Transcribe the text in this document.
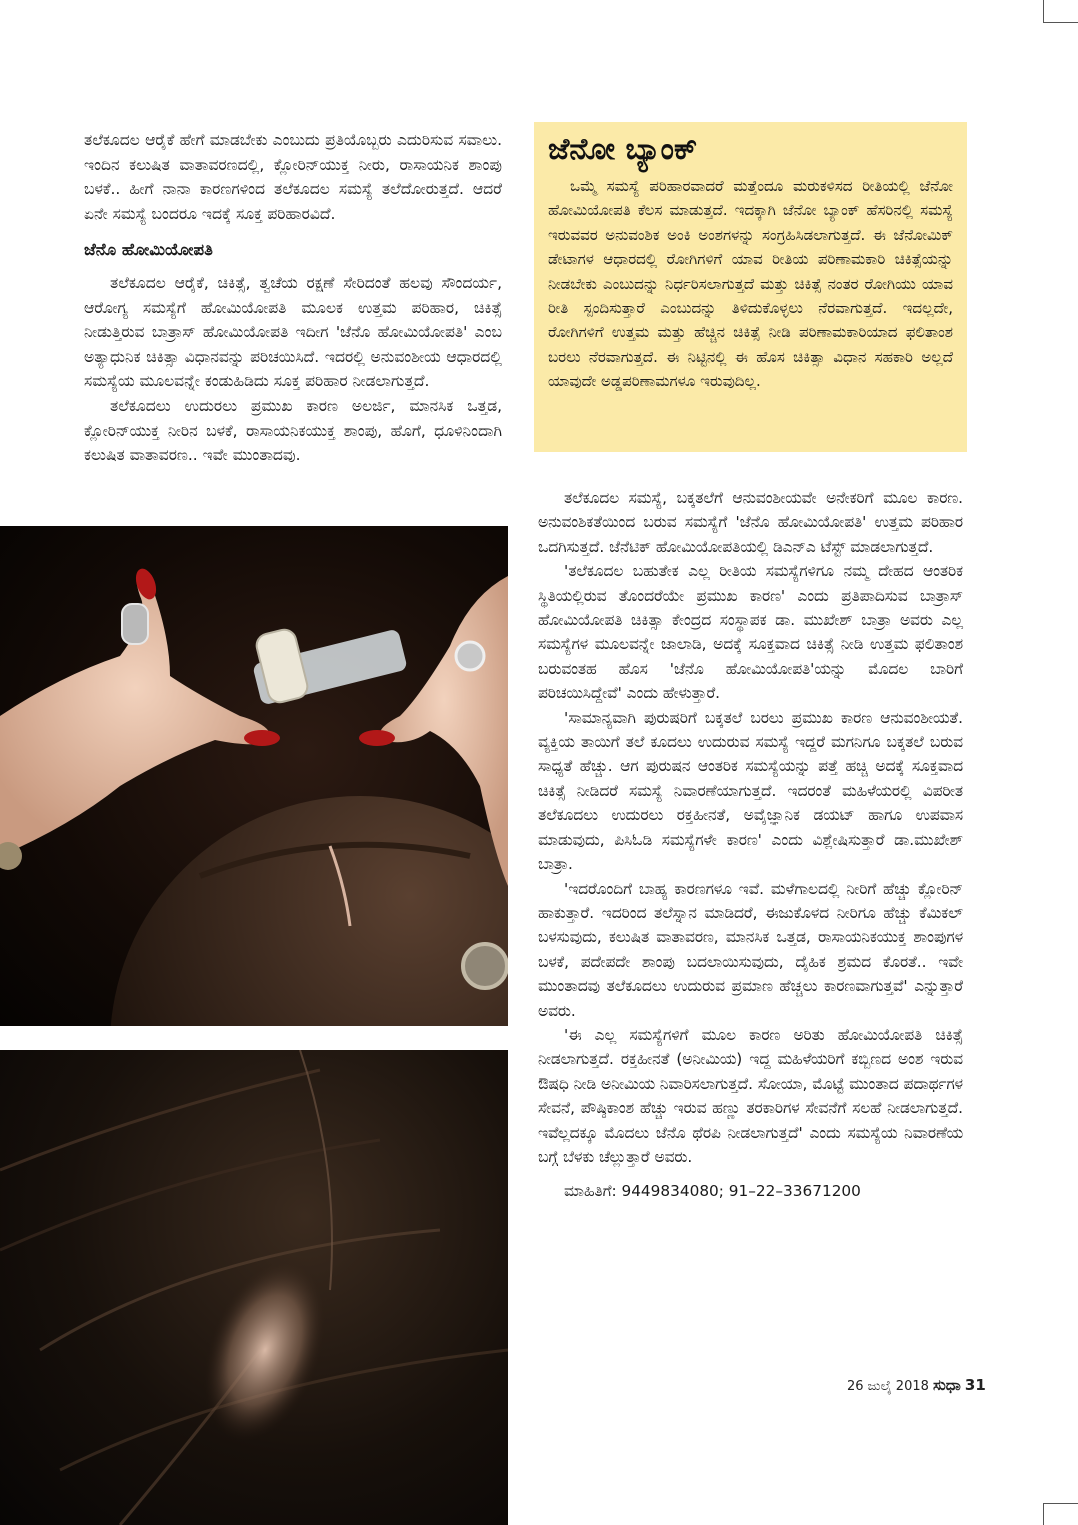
ತಲೆಕೂದಲ ಆರೈಕೆ ಹೇಗೆ ಮಾಡಬೇಕು ಎಂಬುದು ಪ್ರತಿಯೊಬ್ಬರು ಎದುರಿಸುವ ಸವಾಲು. ಇಂದಿನ ಕಲುಷಿತ ವಾತಾವರಣದಲ್ಲಿ, ಕ್ಲೋರಿನ್‌ಯುಕ್ತ ನೀರು, ರಾಸಾಯನಿಕ ಶಾಂಪು ಬಳಕೆ.. ಹೀಗೆ ನಾನಾ ಕಾರಣಗಳಿಂದ ತಲೆಕೂದಲ ಸಮಸ್ಯೆ ತಲೆದೋರುತ್ತದೆ. ಆದರೆ ಏನೇ ಸಮಸ್ಯೆ ಬಂದರೂ ಇದಕ್ಕೆ ಸೂಕ್ತ ಪರಿಹಾರವಿದೆ.

ಜೆನೊ ಹೋಮಿಯೋಪತಿ

ತಲೆಕೂದಲ ಆರೈಕೆ, ಚಿಕಿತ್ಸೆ, ತ್ವಚೆಯ ರಕ್ಷಣೆ ಸೇರಿದಂತೆ ಹಲವು ಸೌಂದರ್ಯ, ಆರೋಗ್ಯ ಸಮಸ್ಯೆಗೆ ಹೋಮಿಯೋಪತಿ ಮೂಲಕ ಉತ್ತಮ ಪರಿಹಾರ, ಚಿಕಿತ್ಸೆ ನೀಡುತ್ತಿರುವ ಬಾತ್ರಾಸ್ ಹೋಮಿಯೋಪತಿ ಇದೀಗ 'ಜೆನೊ ಹೋಮಿಯೋಪತಿ' ಎಂಬ ಅತ್ಯಾಧುನಿಕ ಚಿಕಿತ್ಸಾ ವಿಧಾನವನ್ನು ಪರಿಚಯಿಸಿದೆ. ಇದರಲ್ಲಿ ಅನುವಂಶೀಯ ಆಧಾರದಲ್ಲಿ ಸಮಸ್ಯೆಯ ಮೂಲವನ್ನೇ ಕಂಡುಹಿಡಿದು ಸೂಕ್ತ ಪರಿಹಾರ ನೀಡಲಾಗುತ್ತದೆ.

ತಲೆಕೂದಲು ಉದುರಲು ಪ್ರಮುಖ ಕಾರಣ ಅಲರ್ಜಿ, ಮಾನಸಿಕ ಒತ್ತಡ, ಕ್ಲೋರಿನ್‌ಯುಕ್ತ ನೀರಿನ ಬಳಕೆ, ರಾಸಾಯನಿಕಯುಕ್ತ ಶಾಂಪು, ಹೊಗೆ, ಧೂಳಿನಿಂದಾಗಿ ಕಲುಷಿತ ವಾತಾವರಣ.. ಇವೇ ಮುಂತಾದವು.

ಜೆನೋ ಬ್ಯಾಂಕ್

ಒಮ್ಮೆ ಸಮಸ್ಯೆ ಪರಿಹಾರವಾದರೆ ಮತ್ತೆಂದೂ ಮರುಕಳಿಸದ ರೀತಿಯಲ್ಲಿ ಜೆನೋ ಹೋಮಿಯೋಪತಿ ಕೆಲಸ ಮಾಡುತ್ತದೆ. ಇದಕ್ಕಾಗಿ ಜೆನೋ ಬ್ಯಾಂಕ್ ಹೆಸರಿನಲ್ಲಿ ಸಮಸ್ಯೆ ಇರುವವರ ಅನುವಂಶಿಕ ಅಂಕಿ ಅಂಶಗಳನ್ನು ಸಂಗ್ರಹಿಸಿಡಲಾಗುತ್ತದೆ. ಈ ಜೆನೋಮಿಕ್ ಡೇಟಾಗಳ ಆಧಾರದಲ್ಲಿ ರೋಗಿಗಳಿಗೆ ಯಾವ ರೀತಿಯ ಪರಿಣಾಮಕಾರಿ ಚಿಕಿತ್ಸೆಯನ್ನು ನೀಡಬೇಕು ಎಂಬುದನ್ನು ನಿರ್ಧರಿಸಲಾಗುತ್ತದೆ ಮತ್ತು ಚಿಕಿತ್ಸೆ ನಂತರ ರೋಗಿಯು ಯಾವ ರೀತಿ ಸ್ಪಂದಿಸುತ್ತಾರೆ ಎಂಬುದನ್ನು ತಿಳಿದುಕೊಳ್ಳಲು ನೆರವಾಗುತ್ತದೆ. ಇದಲ್ಲದೇ, ರೋಗಿಗಳಿಗೆ ಉತ್ತಮ ಮತ್ತು ಹೆಚ್ಚಿನ ಚಿಕಿತ್ಸೆ ನೀಡಿ ಪರಿಣಾಮಕಾರಿಯಾದ ಫಲಿತಾಂಶ ಬರಲು ನೆರವಾಗುತ್ತದೆ. ಈ ನಿಟ್ಟಿನಲ್ಲಿ ಈ ಹೊಸ ಚಿಕಿತ್ಸಾ ವಿಧಾನ ಸಹಕಾರಿ ಅಲ್ಲದೆ ಯಾವುದೇ ಅಡ್ಡಪರಿಣಾಮಗಳೂ ಇರುವುದಿಲ್ಲ.

ತಲೆಕೂದಲ ಸಮಸ್ಯೆ, ಬಕ್ಕತಲೆಗೆ ಆನುವಂಶೀಯವೇ ಅನೇಕರಿಗೆ ಮೂಲ ಕಾರಣ. ಅನುವಂಶಿಕತೆಯಿಂದ ಬರುವ ಸಮಸ್ಯೆಗೆ 'ಜೆನೊ ಹೋಮಿಯೋಪತಿ' ಉತ್ತಮ ಪರಿಹಾರ ಒದಗಿಸುತ್ತದೆ. ಜೆನೆಟಿಕ್ ಹೋಮಿಯೋಪತಿಯಲ್ಲಿ ಡಿಎನ್‌ಎ ಟೆಸ್ಟ್ ಮಾಡಲಾಗುತ್ತದೆ.

'ತಲೆಕೂದಲ ಬಹುತೇಕ ಎಲ್ಲ ರೀತಿಯ ಸಮಸ್ಯೆಗಳಿಗೂ ನಮ್ಮ ದೇಹದ ಆಂತರಿಕ ಸ್ಥಿತಿಯಲ್ಲಿರುವ ತೊಂದರೆಯೇ ಪ್ರಮುಖ ಕಾರಣ' ಎಂದು ಪ್ರತಿಪಾದಿಸುವ ಬಾತ್ರಾಸ್ ಹೋಮಿಯೋಪತಿ ಚಿಕಿತ್ಸಾ ಕೇಂದ್ರದ ಸಂಸ್ಥಾಪಕ ಡಾ. ಮುಖೇಶ್ ಬಾತ್ರಾ ಅವರು ಎಲ್ಲ ಸಮಸ್ಯೆಗಳ ಮೂಲವನ್ನೇ ಜಾಲಾಡಿ, ಅದಕ್ಕೆ ಸೂಕ್ತವಾದ ಚಿಕಿತ್ಸೆ ನೀಡಿ ಉತ್ತಮ ಫಲಿತಾಂಶ ಬರುವಂತಹ ಹೊಸ 'ಜೆನೊ ಹೋಮಿಯೋಪತಿ'ಯನ್ನು ಮೊದಲ ಬಾರಿಗೆ ಪರಿಚಯಿಸಿದ್ದೇವೆ' ಎಂದು ಹೇಳುತ್ತಾರೆ.

'ಸಾಮಾನ್ಯವಾಗಿ ಪುರುಷರಿಗೆ ಬಕ್ಕತಲೆ ಬರಲು ಪ್ರಮುಖ ಕಾರಣ ಆನುವಂಶೀಯತೆ. ವ್ಯಕ್ತಿಯ ತಾಯಿಗೆ ತಲೆ ಕೂದಲು ಉದುರುವ ಸಮಸ್ಯೆ ಇದ್ದರೆ ಮಗನಿಗೂ ಬಕ್ಕತಲೆ ಬರುವ ಸಾಧ್ಯತೆ ಹೆಚ್ಚು. ಆಗ ಪುರುಷನ ಆಂತರಿಕ ಸಮಸ್ಯೆಯನ್ನು ಪತ್ತೆ ಹಚ್ಚಿ ಅದಕ್ಕೆ ಸೂಕ್ತವಾದ ಚಿಕಿತ್ಸೆ ನೀಡಿದರೆ ಸಮಸ್ಯೆ ನಿವಾರಣೆಯಾಗುತ್ತದೆ. ಇದರಂತೆ ಮಹಿಳೆಯರಲ್ಲಿ ವಿಪರೀತ ತಲೆಕೂದಲು ಉದುರಲು ರಕ್ತಹೀನತೆ, ಅವೈಜ್ಞಾನಿಕ ಡಯಟ್ ಹಾಗೂ ಉಪವಾಸ ಮಾಡುವುದು, ಪಿಸಿಓಡಿ ಸಮಸ್ಯೆಗಳೇ ಕಾರಣ' ಎಂದು ವಿಶ್ಲೇಷಿಸುತ್ತಾರೆ ಡಾ.ಮುಖೇಶ್ ಬಾತ್ರಾ.

'ಇದರೊಂದಿಗೆ ಬಾಹ್ಯ ಕಾರಣಗಳೂ ಇವೆ. ಮಳೆಗಾಲದಲ್ಲಿ ನೀರಿಗೆ ಹೆಚ್ಚು ಕ್ಲೋರಿನ್ ಹಾಕುತ್ತಾರೆ. ಇದರಿಂದ ತಲೆಸ್ನಾನ ಮಾಡಿದರೆ, ಈಜುಕೊಳದ ನೀರಿಗೂ ಹೆಚ್ಚು ಕೆಮಿಕಲ್ ಬಳಸುವುದು, ಕಲುಷಿತ ವಾತಾವರಣ, ಮಾನಸಿಕ ಒತ್ತಡ, ರಾಸಾಯನಿಕಯುಕ್ತ ಶಾಂಪುಗಳ ಬಳಕೆ, ಪದೇಪದೇ ಶಾಂಪು ಬದಲಾಯಿಸುವುದು, ದೈಹಿಕ ಶ್ರಮದ ಕೊರತೆ.. ಇವೇ ಮುಂತಾದವು ತಲೆಕೂದಲು ಉದುರುವ ಪ್ರಮಾಣ ಹೆಚ್ಚಲು ಕಾರಣವಾಗುತ್ತವೆ' ಎನ್ನುತ್ತಾರೆ ಅವರು.

'ಈ ಎಲ್ಲ ಸಮಸ್ಯೆಗಳಿಗೆ ಮೂಲ ಕಾರಣ ಅರಿತು ಹೋಮಿಯೋಪತಿ ಚಿಕಿತ್ಸೆ ನೀಡಲಾಗುತ್ತದೆ. ರಕ್ತಹೀನತೆ (ಅನೀಮಿಯ) ಇದ್ದ ಮಹಿಳೆಯರಿಗೆ ಕಬ್ಬಿಣದ ಅಂಶ ಇರುವ ಔಷಧಿ ನೀಡಿ ಅನೀಮಿಯ ನಿವಾರಿಸಲಾಗುತ್ತದೆ. ಸೋಯಾ, ಮೊಟ್ಟೆ ಮುಂತಾದ ಪದಾರ್ಥಗಳ ಸೇವನೆ, ಪೌಷ್ಠಿಕಾಂಶ ಹೆಚ್ಚು ಇರುವ ಹಣ್ಣು ತರಕಾರಿಗಳ ಸೇವನೆಗೆ ಸಲಹೆ ನೀಡಲಾಗುತ್ತದೆ. ಇವೆಲ್ಲದಕ್ಕೂ ಮೊದಲು ಜೆನೊ ಥೆರಪಿ ನೀಡಲಾಗುತ್ತದೆ' ಎಂದು ಸಮಸ್ಯೆಯ ನಿವಾರಣೆಯ ಬಗ್ಗೆ ಬೆಳಕು ಚೆಲ್ಲುತ್ತಾರೆ ಅವರು.

ಮಾಹಿತಿಗೆ: 9449834080; 91–22–33671200

26 ಜುಲೈ 2018 ಸುಧಾ 31
